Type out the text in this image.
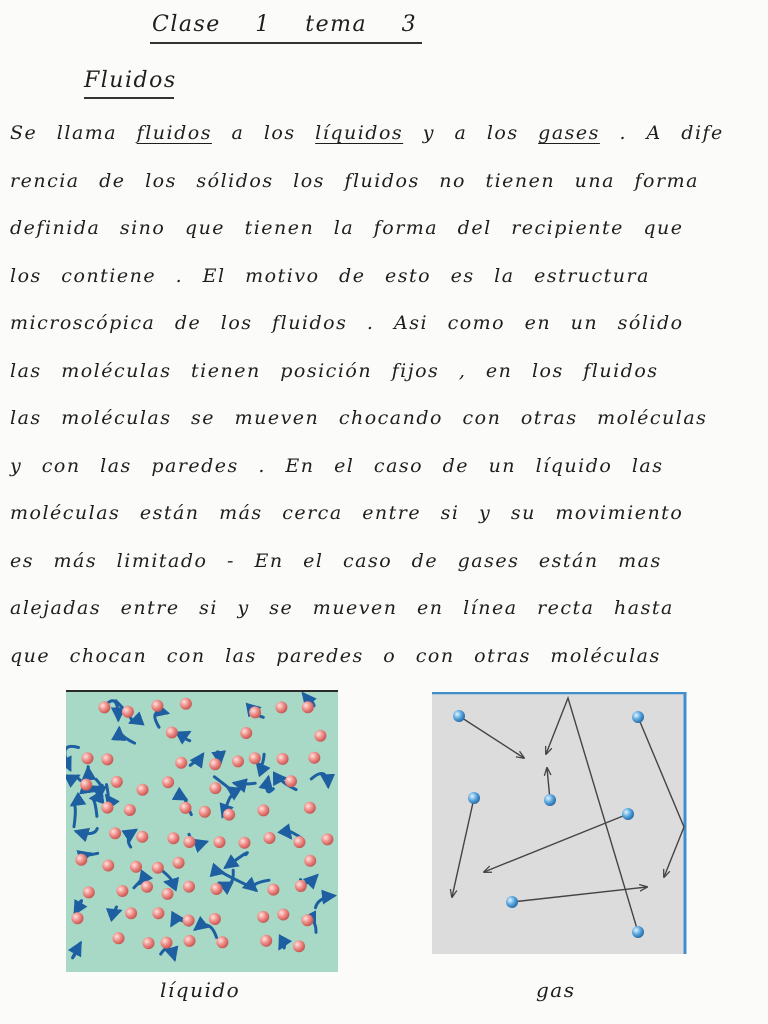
Clase 1 tema 3
Fluidos
Se llama fluidos a los líquidos y a los gases . A dife
rencia de los sólidos los fluidos no tienen una forma
definida sino que tienen la forma del recipiente que
los contiene . El motivo de esto es la estructura
microscópica de los fluidos . Asi como en un sólido
las moléculas tienen posición fijos , en los fluidos
las moléculas se mueven chocando con otras moléculas
y con las paredes . En el caso de un líquido las
moléculas están más cerca entre si y su movimiento
es más limitado - En el caso de gases están mas
alejadas entre si y se mueven en línea recta hasta
que chocan con las paredes o con otras moléculas
líquido	gas
